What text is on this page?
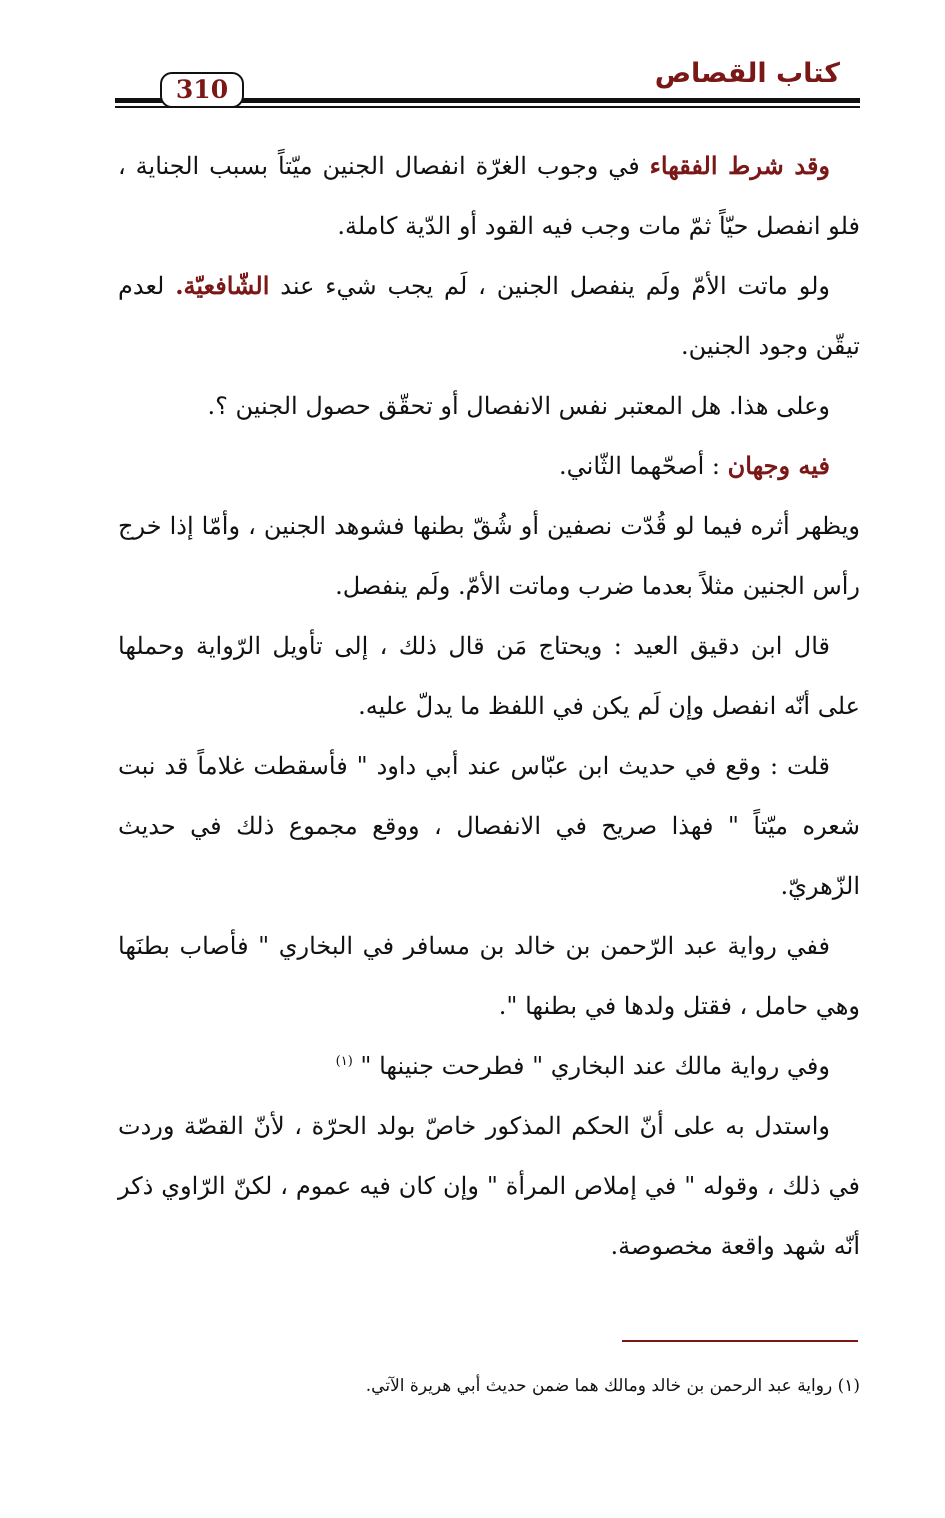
كتاب القصاص
310

وقد شرط الفقهاء في وجوب الغرّة انفصال الجنين ميّتاً بسبب الجناية ، فلو انفصل حيّاً ثمّ مات وجب فيه القود أو الدّية كاملة.

ولو ماتت الأمّ ولَم ينفصل الجنين ، لَم يجب شيء عند الشّافعيّة. لعدم تيقّن وجود الجنين.

وعلى هذا. هل المعتبر نفس الانفصال أو تحقّق حصول الجنين ؟.

فيه وجهان : أصحّهما الثّاني.

ويظهر أثره فيما لو قُدّت نصفين أو شُقّ بطنها فشوهد الجنين ، وأمّا إذا خرج رأس الجنين مثلاً بعدما ضرب وماتت الأمّ. ولَم ينفصل.

قال ابن دقيق العيد : ويحتاج مَن قال ذلك ، إلى تأويل الرّواية وحملها على أنّه انفصل وإن لَم يكن في اللفظ ما يدلّ عليه.

قلت : وقع في حديث ابن عبّاس عند أبي داود " فأسقطت غلاماً قد نبت شعره ميّتاً " فهذا صريح في الانفصال ، ووقع مجموع ذلك في حديث الزّهريّ.

ففي رواية عبد الرّحمن بن خالد بن مسافر في البخاري " فأصاب بطنَها وهي حامل ، فقتل ولدها في بطنها ".

وفي رواية مالك عند البخاري " فطرحت جنينها " $^{(١)}$

واستدل به على أنّ الحكم المذكور خاصّ بولد الحرّة ، لأنّ القصّة وردت في ذلك ، وقوله " في إملاص المرأة " وإن كان فيه عموم ، لكنّ الرّاوي ذكر أنّه شهد واقعة مخصوصة.

(١) رواية عبد الرحمن بن خالد ومالك هما ضمن حديث أبي هريرة الآتي.
